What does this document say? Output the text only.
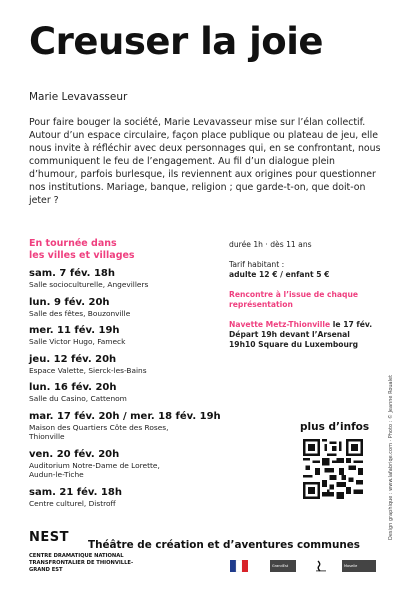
Creuser la joie
Marie Levavasseur

Pour faire bouger la société, Marie Levavasseur mise sur l’élan collectif. Autour d’un espace circulaire, façon place publique ou plateau de jeu, elle nous invite à réfléchir avec deux personnages qui, en se confrontant, nous communiquent le feu de l’engagement. Au fil d’un dialogue plein d’humour, parfois burlesque, ils reviennent aux origines pour questionner nos institutions. Mariage, banque, religion ; que garde-t-on, que doit-on jeter ?

En tournée dans
les villes et villages
sam. 7 fév. 18h
Salle socioculturelle, Angevillers
lun. 9 fév. 20h
Salle des fêtes, Bouzonville
mer. 11 fév. 19h
Salle Victor Hugo, Fameck
jeu. 12 fév. 20h
Espace Valette, Sierck-les-Bains
lun. 16 fév. 20h
Salle du Casino, Cattenom
mar. 17 fév. 20h / mer. 18 fév. 19h
Maison des Quartiers Côte des Roses,
Thionville
ven. 20 fév. 20h
Auditorium Notre-Dame de Lorette,
Audun-le-Tiche
sam. 21 fév. 18h
Centre culturel, Distroff
durée 1h · dès 11 ans
Tarif habitant :
adulte 12 € / enfant 5 €
Rencontre à l’issue de chaque
représentation
Navette Metz-Thionville le 17 fév.
Départ 19h devant l’Arsenal
19h10 Square du Luxembourg
Design graphique : www.lafabriqe.com · Photo : © Jeanne Roualet
plus d’infos
NEST
CENTRE DRAMATIQUE NATIONAL
TRANSFRONTALIER DE THIONVILLE-GRAND EST
Théâtre de création et d’aventures communes
GrandEst	Moselle
